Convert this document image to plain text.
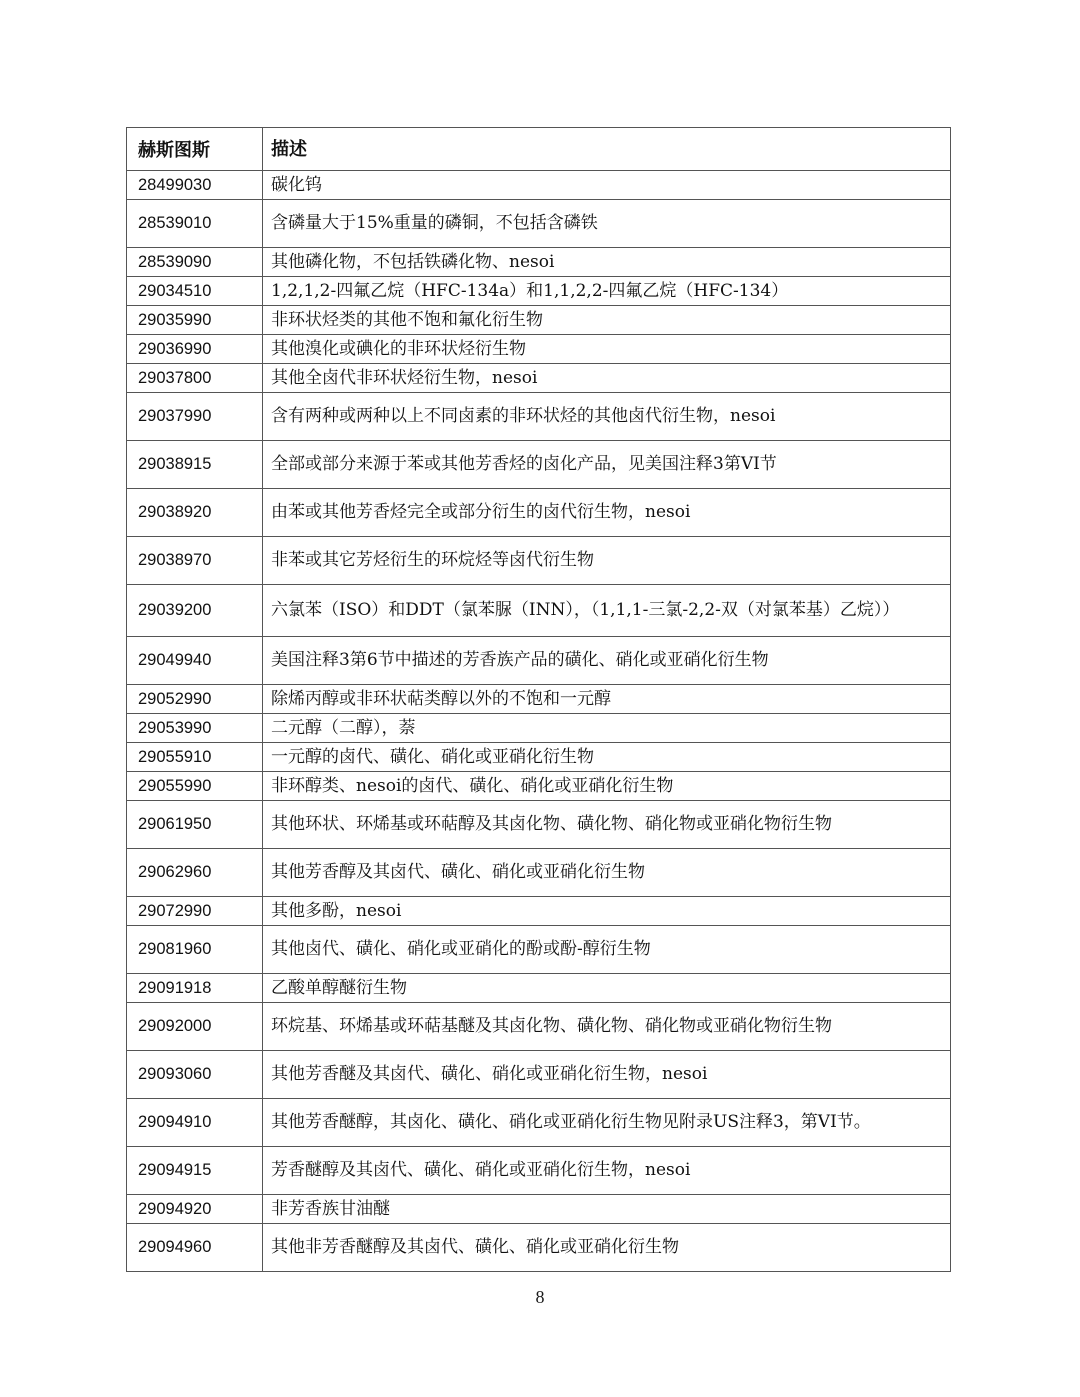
赫斯图斯	描述
28499030	碳化钨
28539010	含磷量大于15%重量的磷铜，不包括含磷铁
28539090	其他磷化物，不包括铁磷化物、nesoi
29034510	1,2,1,2-四氟乙烷（HFC-134a）和1,1,2,2-四氟乙烷（HFC-134）
29035990	非环状烃类的其他不饱和氟化衍生物
29036990	其他溴化或碘化的非环状烃衍生物
29037800	其他全卤代非环状烃衍生物，nesoi
29037990	含有两种或两种以上不同卤素的非环状烃的其他卤代衍生物，nesoi
29038915	全部或部分来源于苯或其他芳香烃的卤化产品，见美国注释3第VI节
29038920	由苯或其他芳香烃完全或部分衍生的卤代衍生物，nesoi
29038970	非苯或其它芳烃衍生的环烷烃等卤代衍生物
29039200	六氯苯（ISO）和DDT（氯苯脲（INN），（1,1,1-三氯-2,2-双（对氯苯基）乙烷））
29049940	美国注释3第6节中描述的芳香族产品的磺化、硝化或亚硝化衍生物
29052990	除烯丙醇或非环状萜类醇以外的不饱和一元醇
29053990	二元醇（二醇），萘
29055910	一元醇的卤代、磺化、硝化或亚硝化衍生物
29055990	非环醇类、nesoi的卤代、磺化、硝化或亚硝化衍生物
29061950	其他环状、环烯基或环萜醇及其卤化物、磺化物、硝化物或亚硝化物衍生物
29062960	其他芳香醇及其卤代、磺化、硝化或亚硝化衍生物
29072990	其他多酚，nesoi
29081960	其他卤代、磺化、硝化或亚硝化的酚或酚-醇衍生物
29091918	乙酸单醇醚衍生物
29092000	环烷基、环烯基或环萜基醚及其卤化物、磺化物、硝化物或亚硝化物衍生物
29093060	其他芳香醚及其卤代、磺化、硝化或亚硝化衍生物，nesoi
29094910	其他芳香醚醇，其卤化、磺化、硝化或亚硝化衍生物见附录US注释3，第VI节。
29094915	芳香醚醇及其卤代、磺化、硝化或亚硝化衍生物，nesoi
29094920	非芳香族甘油醚
29094960	其他非芳香醚醇及其卤代、磺化、硝化或亚硝化衍生物
8
